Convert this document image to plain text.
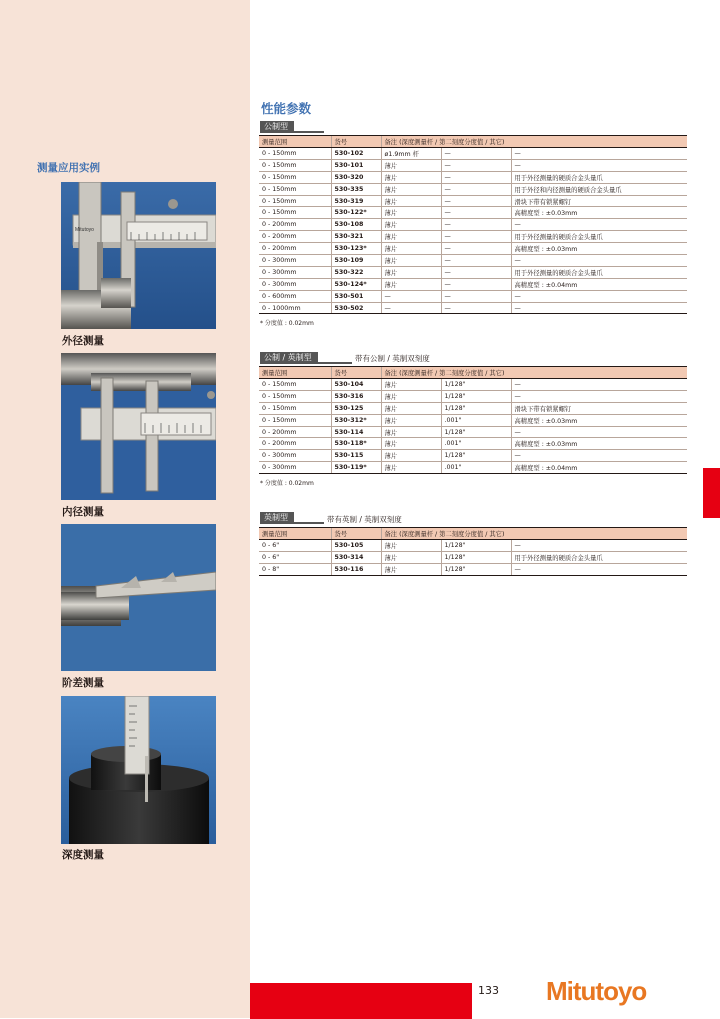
测量应用实例
Mitutoyo
外径测量
内径测量
阶差测量
深度测量
性能参数
公制型
测量范围	货号	备注 (深度测量杆 / 第二刻度分度值 / 其它)		
0 - 150mm	530-102	ø1.9mm 杆	—	—
0 - 150mm	530-101	薄片	—	—
0 - 150mm	530-320	薄片	—	用于外径测量的硬质合金头量爪
0 - 150mm	530-335	薄片	—	用于外径和内径测量的硬质合金头量爪
0 - 150mm	530-319	薄片	—	滑块下带有锁紧螺钉
0 - 150mm	530-122*	薄片	—	高精度型 : ±0.03mm
0 - 200mm	530-108	薄片	—	—
0 - 200mm	530-321	薄片	—	用于外径测量的硬质合金头量爪
0 - 200mm	530-123*	薄片	—	高精度型 : ±0.03mm
0 - 300mm	530-109	薄片	—	—
0 - 300mm	530-322	薄片	—	用于外径测量的硬质合金头量爪
0 - 300mm	530-124*	薄片	—	高精度型 : ±0.04mm
0 - 600mm	530-501	—	—	—
0 - 1000mm	530-502	—	—	—
* 分度值 : 0.02mm
公制 / 英制型	带有公制 / 英制双刻度
测量范围	货号	备注 (深度测量杆 / 第二刻度分度值 / 其它)		
0 - 150mm	530-104	薄片	1/128"	—
0 - 150mm	530-316	薄片	1/128"	—
0 - 150mm	530-125	薄片	1/128"	滑块下带有锁紧螺钉
0 - 150mm	530-312*	薄片	.001"	高精度型 : ±0.03mm
0 - 200mm	530-114	薄片	1/128"	—
0 - 200mm	530-118*	薄片	.001"	高精度型 : ±0.03mm
0 - 300mm	530-115	薄片	1/128"	—
0 - 300mm	530-119*	薄片	.001"	高精度型 : ±0.04mm
* 分度值 : 0.02mm
英制型	带有英制 / 英制双刻度
测量范围	货号	备注 (深度测量杆 / 第二刻度分度值 / 其它)		
0 - 6"	530-105	薄片	1/128"	—
0 - 6"	530-314	薄片	1/128"	用于外径测量的硬质合金头量爪
0 - 8"	530-116	薄片	1/128"	—
133 Mitutoyo
